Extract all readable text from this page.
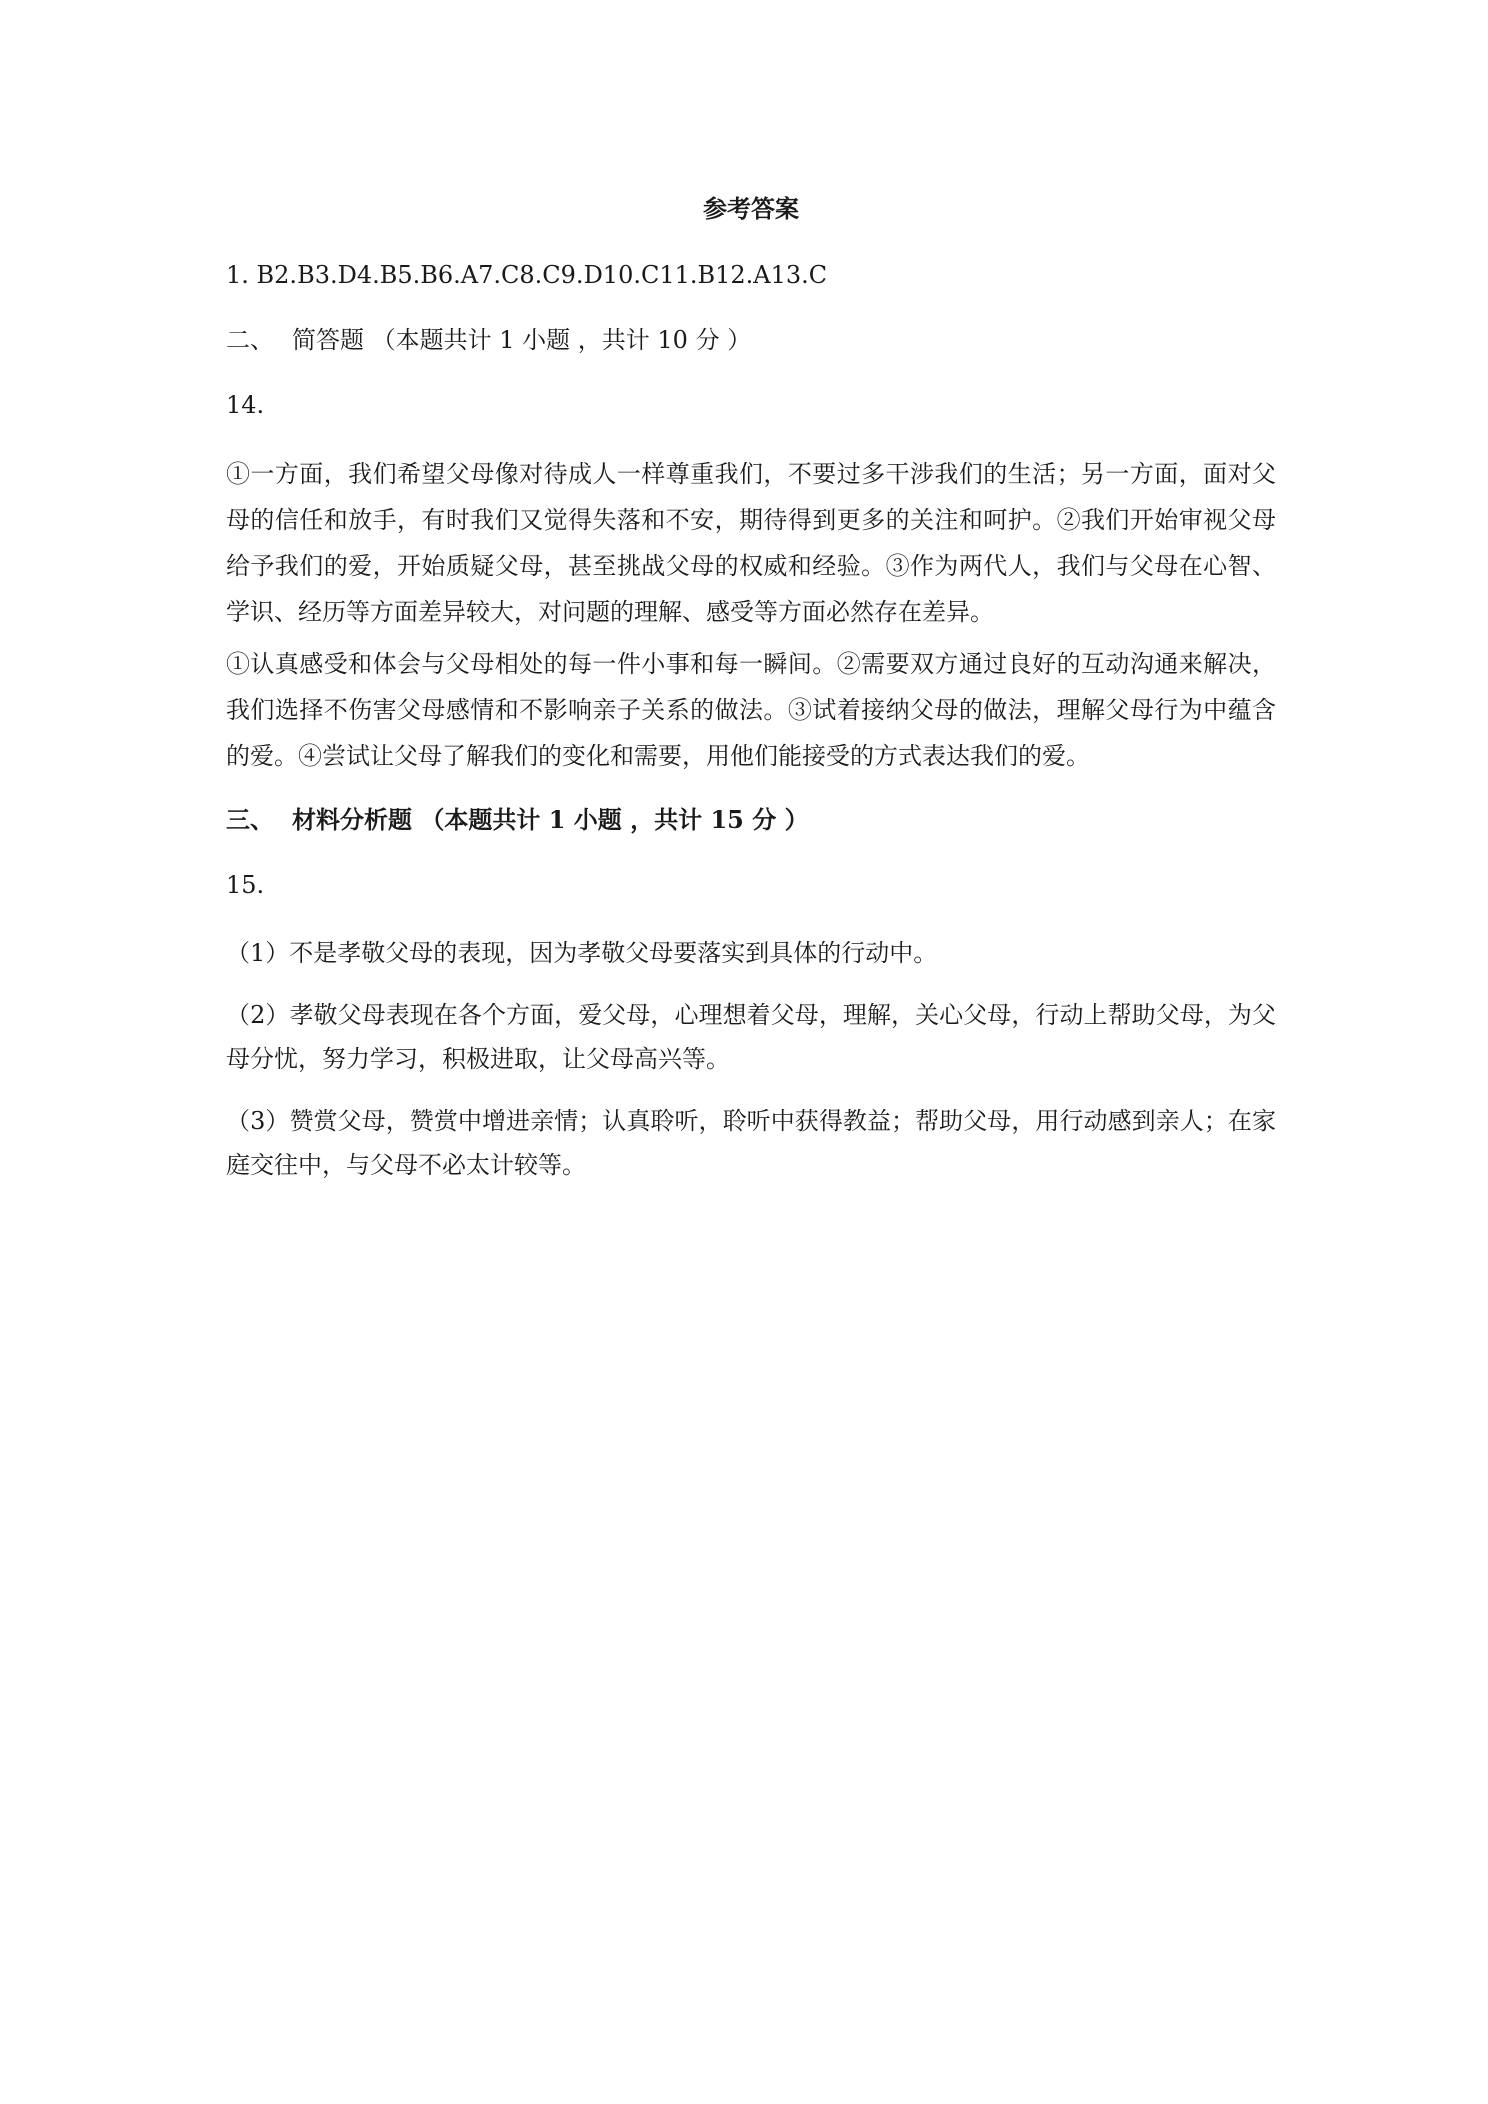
参考答案
1. B2.B3.D4.B5.B6.A7.C8.C9.D10.C11.B12.A13.C
二、 简答题 （本题共计 1 小题 ，共计 10 分 ）
14.

①一方面，我们希望父母像对待成人一样尊重我们，不要过多干涉我们的生活；另一方面，面对父母的信任和放手，有时我们又觉得失落和不安，期待得到更多的关注和呵护。②我们开始审视父母给予我们的爱，开始质疑父母，甚至挑战父母的权威和经验。③作为两代人，我们与父母在心智、学识、经历等方面差异较大，对问题的理解、感受等方面必然存在差异。

①认真感受和体会与父母相处的每一件小事和每一瞬间。②需要双方通过良好的互动沟通来解决，我们选择不伤害父母感情和不影响亲子关系的做法。③试着接纳父母的做法，理解父母行为中蕴含的爱。④尝试让父母了解我们的变化和需要，用他们能接受的方式表达我们的爱。

三、 材料分析题 （本题共计 1 小题 ，共计 15 分 ）
15.

（1）不是孝敬父母的表现，因为孝敬父母要落实到具体的行动中。

（2）孝敬父母表现在各个方面，爱父母，心理想着父母，理解，关心父母，行动上帮助父母，为父母分忧，努力学习，积极进取，让父母高兴等。

（3）赞赏父母，赞赏中增进亲情；认真聆听，聆听中获得教益；帮助父母，用行动感到亲人；在家庭交往中，与父母不必太计较等。
